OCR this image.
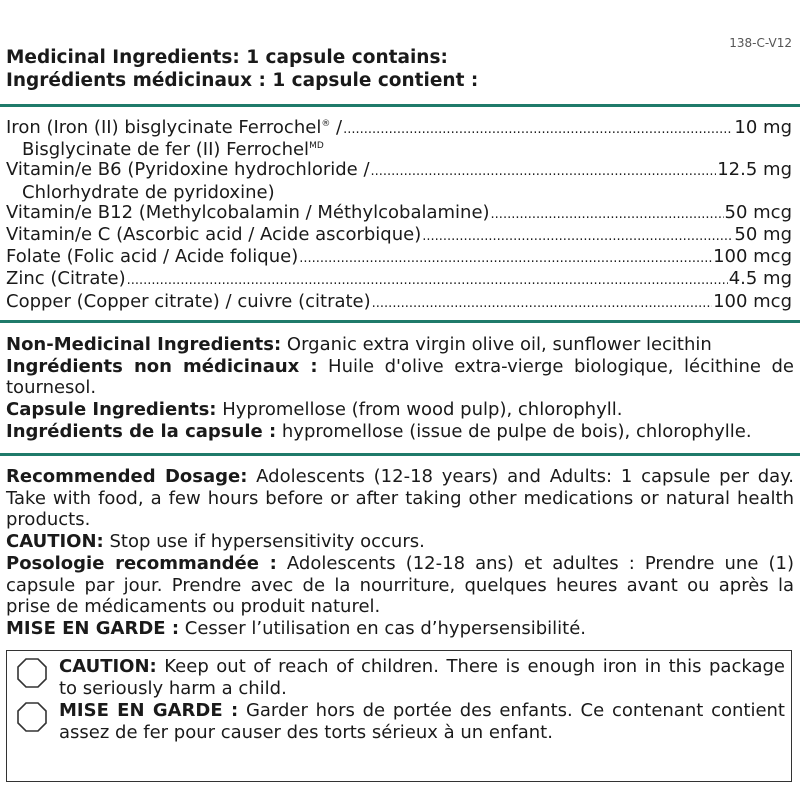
138-C-V12
Medicinal Ingredients: 1 capsule contains:
Ingrédients médicinaux : 1 capsule contient :
Iron (Iron (II) bisglycinate Ferrochel® / .....	10 mg
Bisglycinate de fer (II) Ferrochel$^{MD}$
Vitamin/e B6 (Pyridoxine hydrochloride / .....	12.5 mg
Chlorhydrate de pyridoxine)
Vitamin/e B12 (Methylcobalamin / Méthylcobalamine) .....	50 mcg
Vitamin/e C (Ascorbic acid / Acide ascorbique) .....	50 mg
Folate (Folic acid / Acide folique) .....	100 mcg
Zinc (Citrate) .....	4.5 mg
Copper (Copper citrate) / cuivre (citrate) .....	100 mcg
Non-Medicinal Ingredients: Organic extra virgin olive oil, sunflower lecithin
Ingrédients non médicinaux : Huile d'olive extra-vierge biologique, lécithine de tournesol.
Capsule Ingredients: Hypromellose (from wood pulp), chlorophyll.
Ingrédients de la capsule : hypromellose (issue de pulpe de bois), chlorophylle.
Recommended Dosage: Adolescents (12-18 years) and Adults: 1 capsule per day. Take with food, a few hours before or after taking other medications or natural health products.
CAUTION: Stop use if hypersensitivity occurs.
Posologie recommandée : Adolescents (12-18 ans) et adultes : Prendre une (1) capsule par jour. Prendre avec de la nourriture, quelques heures avant ou après la prise de médicaments ou produit naturel.
MISE EN GARDE : Cesser l’utilisation en cas d’hypersensibilité.
CAUTION: Keep out of reach of children. There is enough iron in this package to seriously harm a child.
MISE EN GARDE : Garder hors de portée des enfants. Ce contenant contient assez de fer pour causer des torts sérieux à un enfant.
